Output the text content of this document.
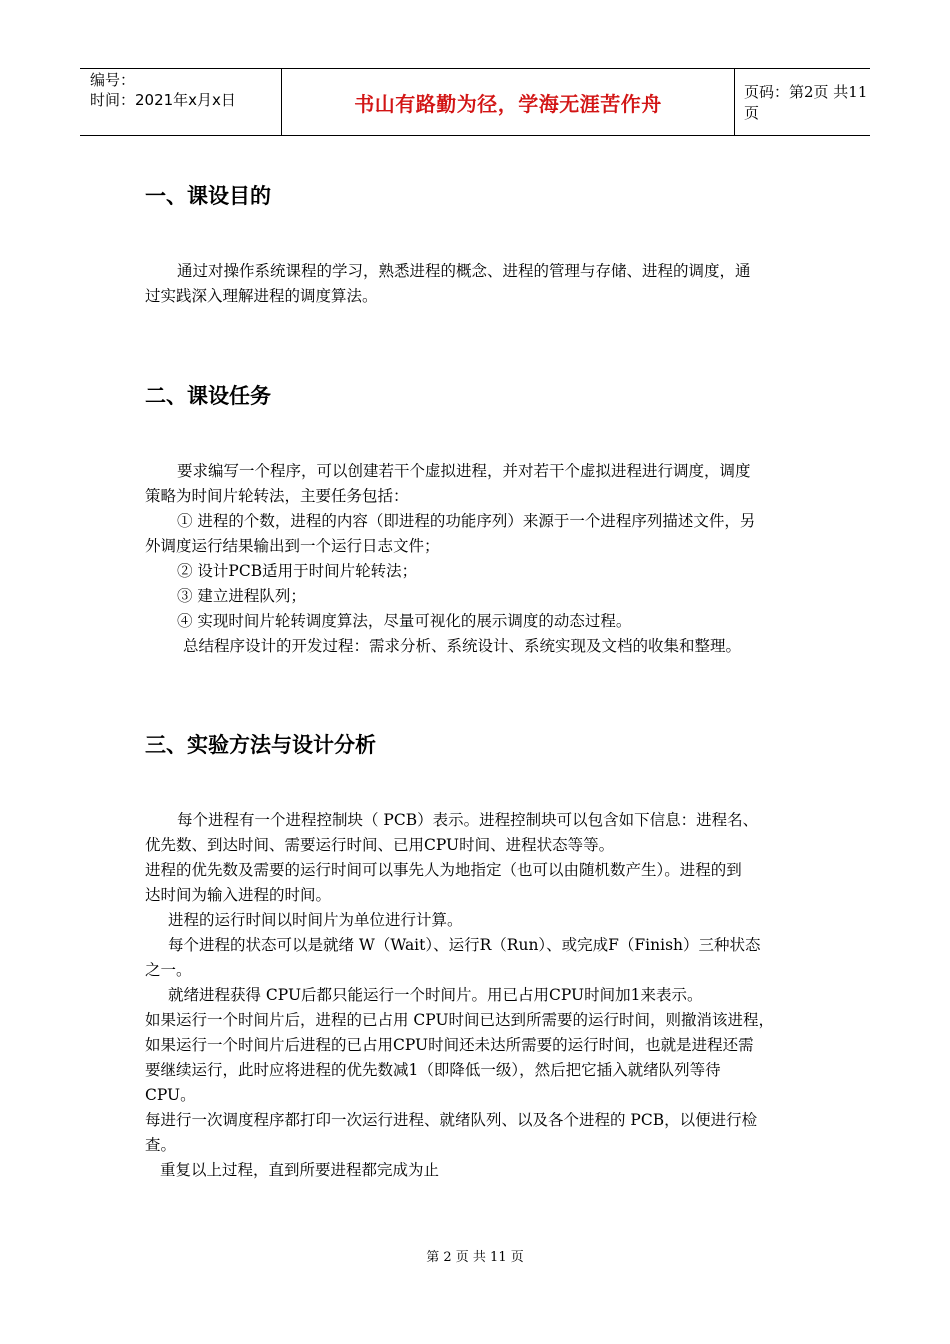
编号：
时间：2021年x月x日	书山有路勤为径，学海无涯苦作舟	页码：第2页 共11页
一、课设目的
通过对操作系统课程的学习，熟悉进程的概念、进程的管理与存储、进程的调度，通
过实践深入理解进程的调度算法。
二、课设任务
要求编写一个程序，可以创建若干个虚拟进程，并对若干个虚拟进程进行调度，调度
策略为时间片轮转法，主要任务包括：
① 进程的个数，进程的内容（即进程的功能序列）来源于一个进程序列描述文件，另
外调度运行结果输出到一个运行日志文件；
② 设计PCB适用于时间片轮转法；
③ 建立进程队列；
④ 实现时间片轮转调度算法，尽量可视化的展示调度的动态过程。
总结程序设计的开发过程：需求分析、系统设计、系统实现及文档的收集和整理。
三、实验方法与设计分析
每个进程有一个进程控制块（ PCB）表示。进程控制块可以包含如下信息：进程名、
优先数、到达时间、需要运行时间、已用CPU时间、进程状态等等。
进程的优先数及需要的运行时间可以事先人为地指定（也可以由随机数产生）。进程的到
达时间为输入进程的时间。
进程的运行时间以时间片为单位进行计算。
每个进程的状态可以是就绪 W（Wait）、运行R（Run）、或完成F（Finish）三种状态
之一。
就绪进程获得 CPU后都只能运行一个时间片。用已占用CPU时间加1来表示。
如果运行一个时间片后，进程的已占用 CPU时间已达到所需要的运行时间，则撤消该进程，
如果运行一个时间片后进程的已占用CPU时间还未达所需要的运行时间，也就是进程还需
要继续运行，此时应将进程的优先数减1（即降低一级），然后把它插入就绪队列等待
CPU。
每进行一次调度程序都打印一次运行进程、就绪队列、以及各个进程的 PCB，以便进行检
查。
重复以上过程，直到所要进程都完成为止
第 2 页 共 11 页
